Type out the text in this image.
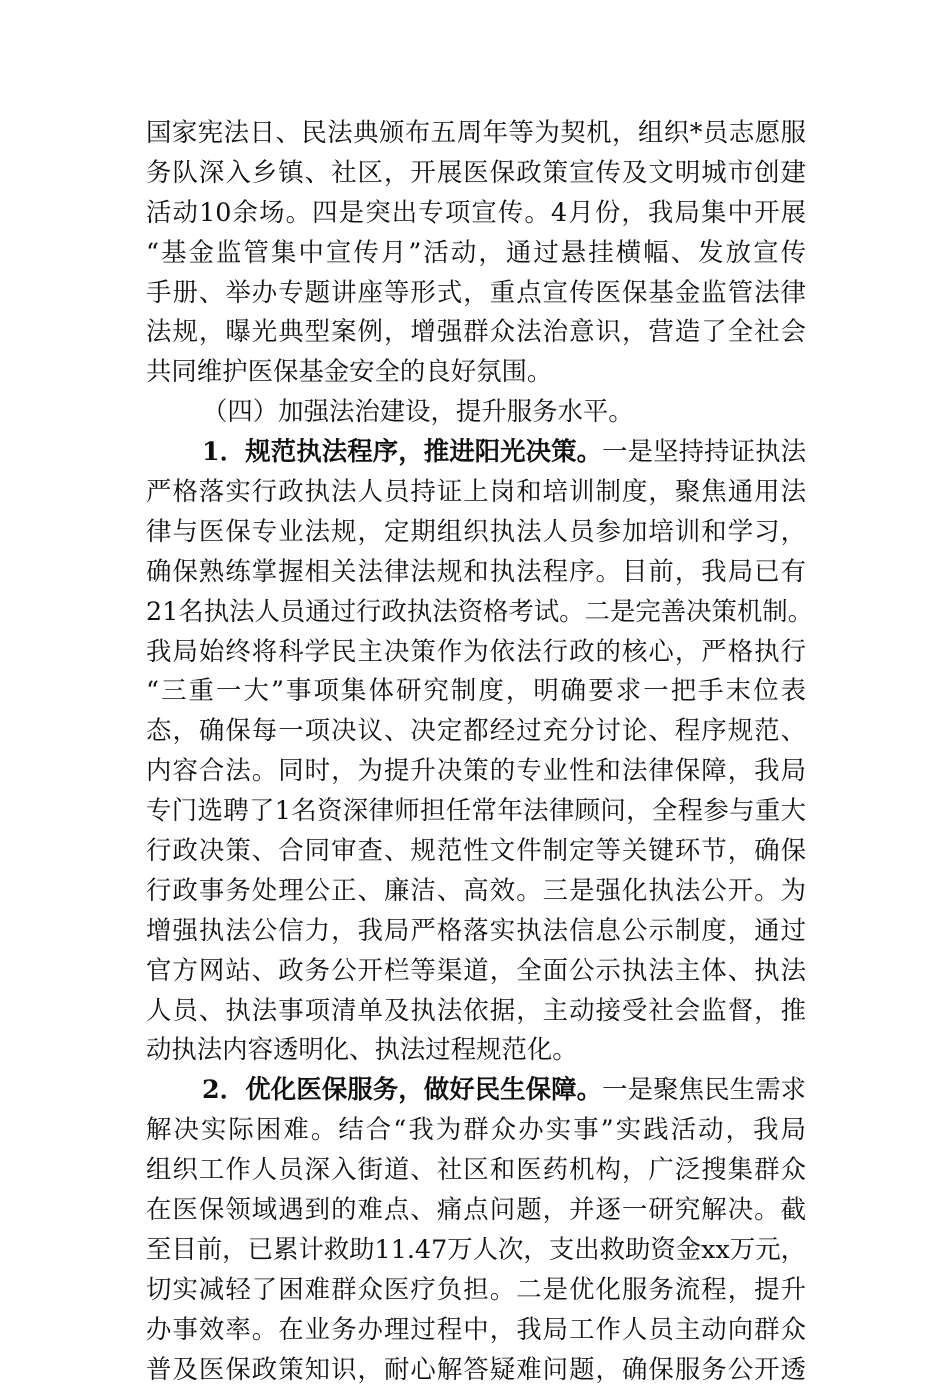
国家宪法日、民法典颁布五周年等为契机，组织*员志愿服
务队深入乡镇、社区，开展医保政策宣传及文明城市创建
活动10余场。四是突出专项宣传。4月份，我局集中开展
“基金监管集中宣传月”活动，通过悬挂横幅、发放宣传
手册、举办专题讲座等形式，重点宣传医保基金监管法律
法规，曝光典型案例，增强群众法治意识，营造了全社会
共同维护医保基金安全的良好氛围。
（四）加强法治建设，提升服务水平。
1．规范执法程序，推进阳光决策。一是坚持持证执法
严格落实行政执法人员持证上岗和培训制度，聚焦通用法
律与医保专业法规，定期组织执法人员参加培训和学习，
确保熟练掌握相关法律法规和执法程序。目前，我局已有
21名执法人员通过行政执法资格考试。二是完善决策机制。
我局始终将科学民主决策作为依法行政的核心，严格执行
“三重一大”事项集体研究制度，明确要求一把手末位表
态，确保每一项决议、决定都经过充分讨论、程序规范、
内容合法。同时，为提升决策的专业性和法律保障，我局
专门选聘了1名资深律师担任常年法律顾问，全程参与重大
行政决策、合同审查、规范性文件制定等关键环节，确保
行政事务处理公正、廉洁、高效。三是强化执法公开。为
增强执法公信力，我局严格落实执法信息公示制度，通过
官方网站、政务公开栏等渠道，全面公示执法主体、执法
人员、执法事项清单及执法依据，主动接受社会监督，推
动执法内容透明化、执法过程规范化。
2．优化医保服务，做好民生保障。一是聚焦民生需求
解决实际困难。结合“我为群众办实事”实践活动，我局
组织工作人员深入街道、社区和医药机构，广泛搜集群众
在医保领域遇到的难点、痛点问题，并逐一研究解决。截
至目前，已累计救助11.47万人次，支出救助资金xx万元，
切实减轻了困难群众医疗负担。二是优化服务流程，提升
办事效率。在业务办理过程中，我局工作人员主动向群众
普及医保政策知识，耐心解答疑难问题，确保服务公开透
